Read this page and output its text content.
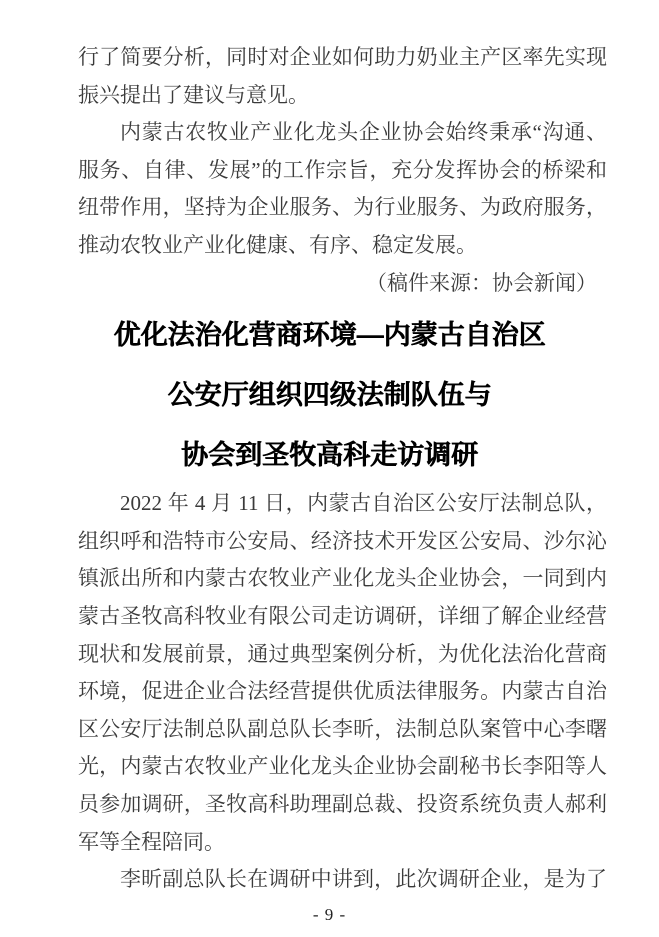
行了简要分析，同时对企业如何助力奶业主产区率先实现
振兴提出了建议与意见。
内蒙古农牧业产业化龙头企业协会始终秉承“沟通、
服务、自律、发展”的工作宗旨，充分发挥协会的桥梁和
纽带作用，坚持为企业服务、为行业服务、为政府服务，
推动农牧业产业化健康、有序、稳定发展。
（稿件来源：协会新闻）
优化法治化营商环境—内蒙古自治区
公安厅组织四级法制队伍与
协会到圣牧高科走访调研
2022 年 4 月 11 日，内蒙古自治区公安厅法制总队，
组织呼和浩特市公安局、经济技术开发区公安局、沙尔沁
镇派出所和内蒙古农牧业产业化龙头企业协会，一同到内
蒙古圣牧高科牧业有限公司走访调研，详细了解企业经营
现状和发展前景，通过典型案例分析，为优化法治化营商
环境，促进企业合法经营提供优质法律服务。内蒙古自治
区公安厅法制总队副总队长李昕，法制总队案管中心李曙
光，内蒙古农牧业产业化龙头企业协会副秘书长李阳等人
员参加调研，圣牧高科助理副总裁、投资系统负责人郝利
军等全程陪同。
李昕副总队长在调研中讲到，此次调研企业，是为了
- 9 -
